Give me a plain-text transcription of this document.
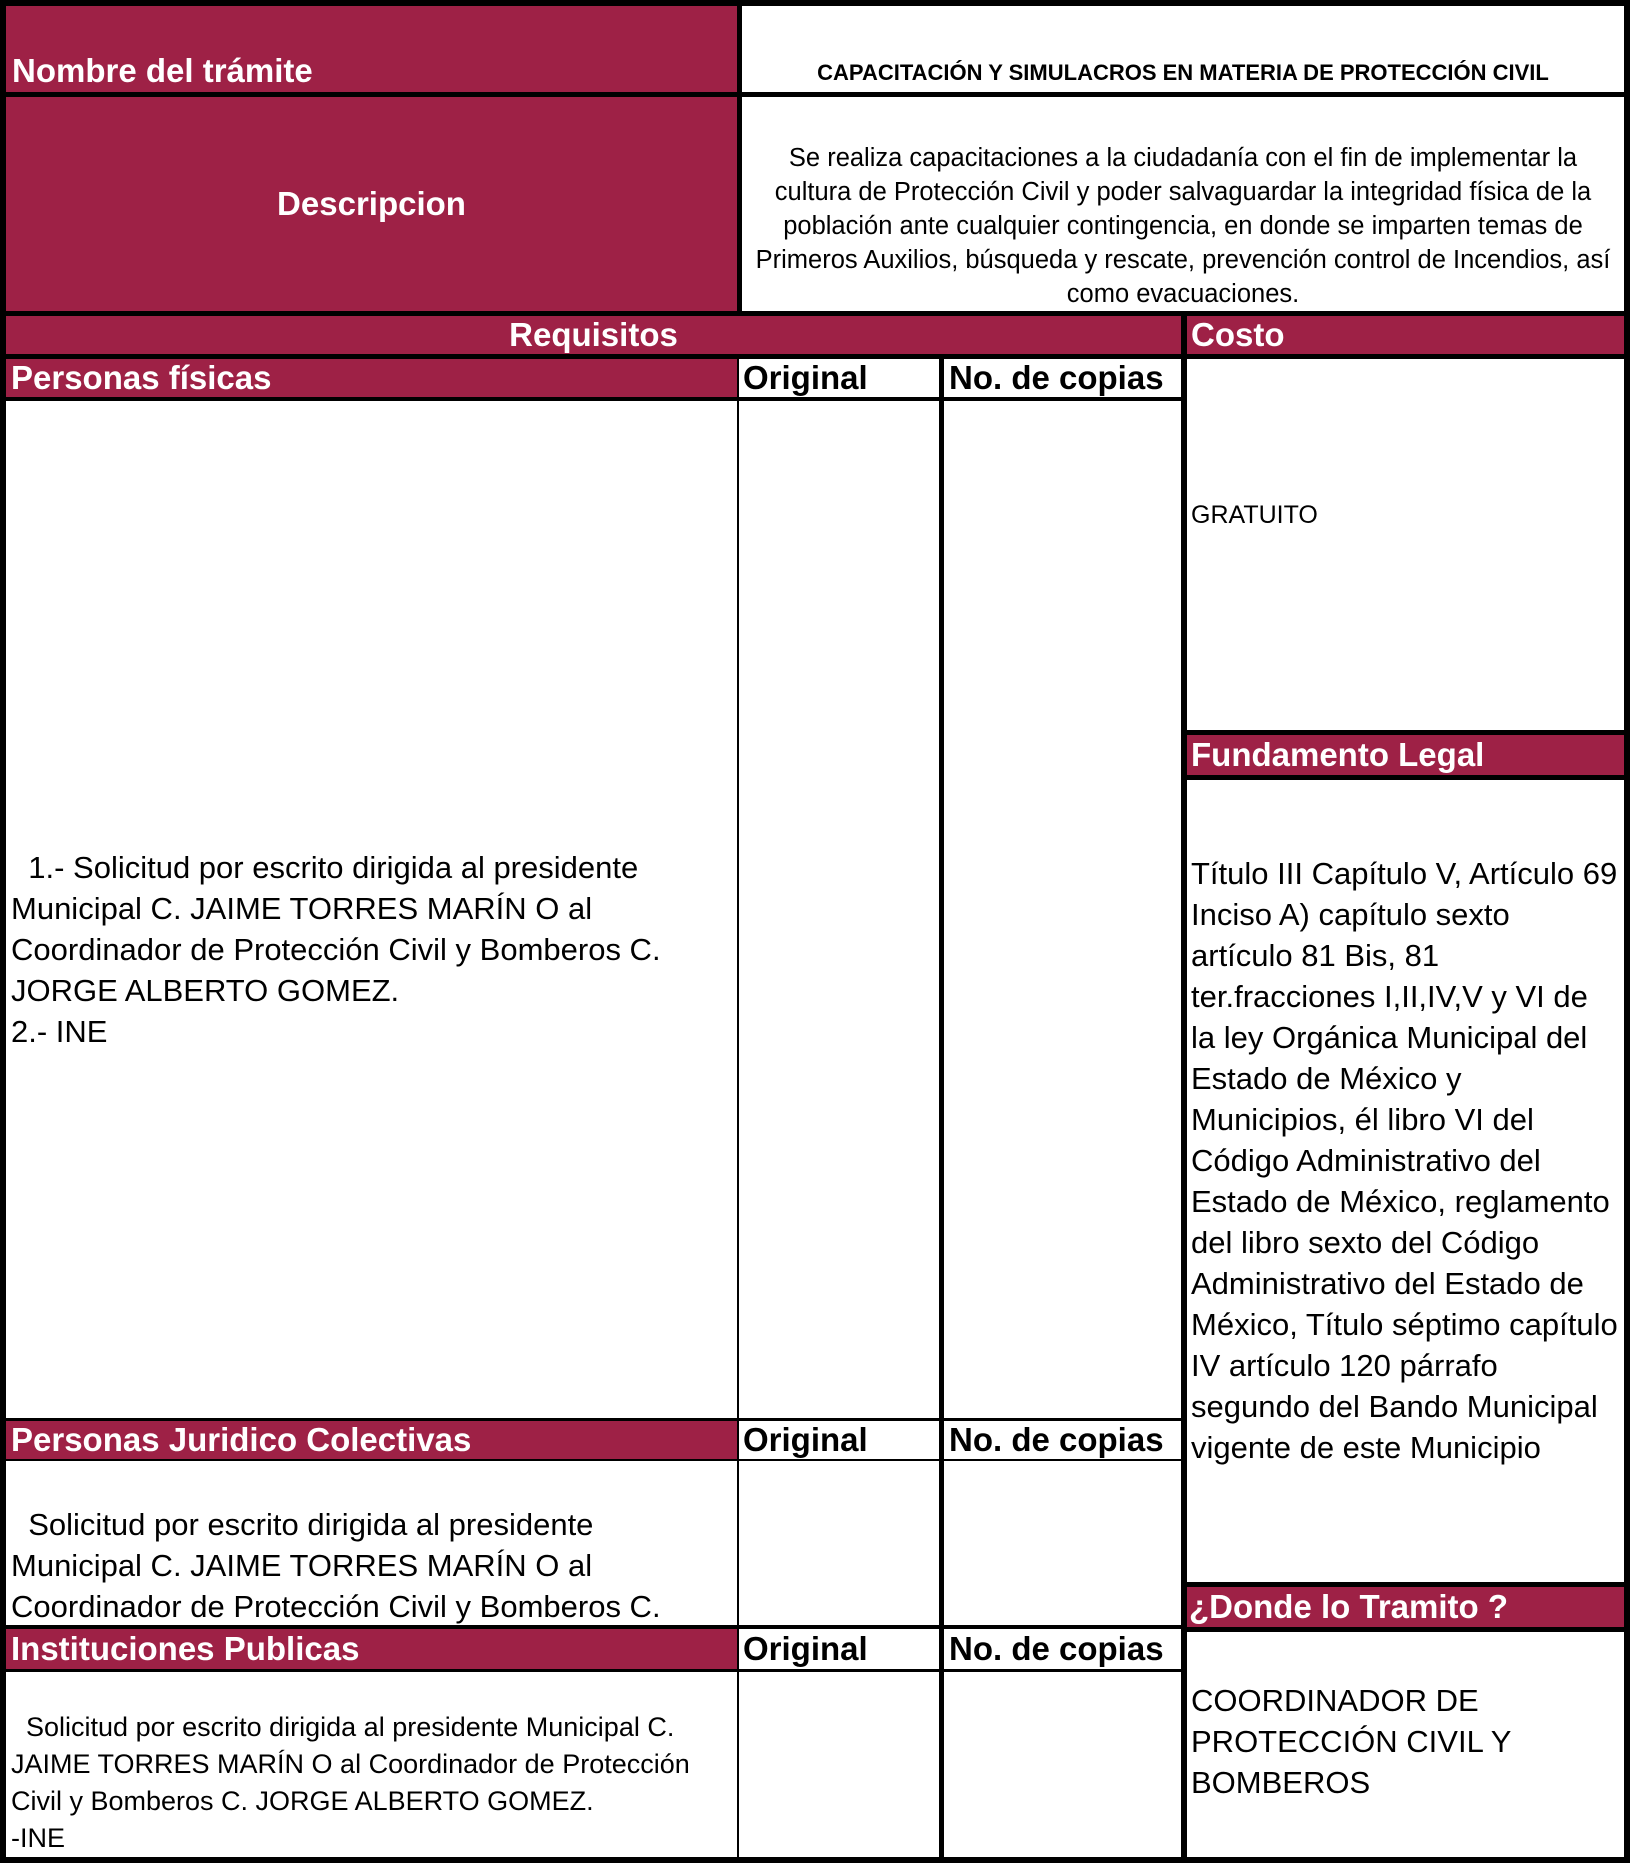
Nombre del trámite	CAPACITACIÓN Y SIMULACROS EN MATERIA DE PROTECCIÓN CIVIL
Descripcion
Se realiza capacitaciones a la ciudadanía con el fin de implementar la cultura de Protección Civil y poder salvaguardar la integridad física de la población ante cualquier contingencia, en donde se imparten temas de Primeros Auxilios, búsqueda y rescate, prevención control de Incendios, así como evacuaciones.
Requisitos	Costo
GRATUITO
Fundamento Legal
Título III Capítulo V, Artículo 69 Inciso A) capítulo sexto artículo 81 Bis, 81 ter.fracciones I,II,IV,V y VI de la ley Orgánica Municipal del Estado de México y Municipios, él libro VI del Código Administrativo del Estado de México, reglamento del libro sexto del Código Administrativo del Estado de México, Título séptimo capítulo IV artículo 120 párrafo segundo del Bando Municipal vigente de este Municipio
¿Donde lo Tramito ?
COORDINADOR DE PROTECCIÓN CIVIL Y BOMBEROS
Personas físicas	Original	No. de copias

1.- Solicitud por escrito dirigida al presidente Municipal C. JAIME TORRES MARÍN O al Coordinador de Protección Civil y Bomberos C. JORGE ALBERTO GOMEZ.
2.- INE

Personas Juridico Colectivas	Original	No. de copias

Solicitud por escrito dirigida al presidente Municipal C. JAIME TORRES MARÍN O al Coordinador de Protección Civil y Bomberos C.

Instituciones Publicas	Original	No. de copias

Solicitud por escrito dirigida al presidente Municipal C. JAIME TORRES MARÍN O al Coordinador de Protección Civil y Bomberos C. JORGE ALBERTO GOMEZ.
-INE
